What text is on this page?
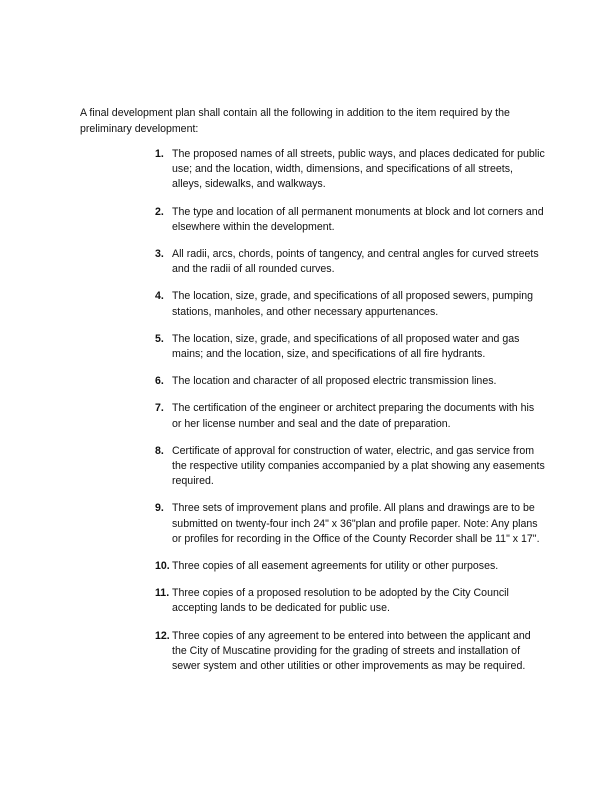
A final development plan shall contain all the following in addition to the item required by the preliminary development:

1. The proposed names of all streets, public ways, and places dedicated for public use; and the location, width, dimensions, and specifications of all streets, alleys, sidewalks, and walkways.
2. The type and location of all permanent monuments at block and lot corners and elsewhere within the development.
3. All radii, arcs, chords, points of tangency, and central angles for curved streets and the radii of all rounded curves.
4. The location, size, grade, and specifications of all proposed sewers, pumping stations, manholes, and other necessary appurtenances.
5. The location, size, grade, and specifications of all proposed water and gas mains; and the location, size, and specifications of all fire hydrants.
6. The location and character of all proposed electric transmission lines.
7. The certification of the engineer or architect preparing the documents with his or her license number and seal and the date of preparation.
8. Certificate of approval for construction of water, electric, and gas service from the respective utility companies accompanied by a plat showing any easements required.
9. Three sets of improvement plans and profile. All plans and drawings are to be submitted on twenty-four inch 24" x 36"plan and profile paper. Note: Any plans or profiles for recording in the Office of the County Recorder shall be 11" x 17".
10. Three copies of all easement agreements for utility or other purposes.
11. Three copies of a proposed resolution to be adopted by the City Council accepting lands to be dedicated for public use.
12. Three copies of any agreement to be entered into between the applicant and the City of Muscatine providing for the grading of streets and installation of sewer system and other utilities or other improvements as may be required.
